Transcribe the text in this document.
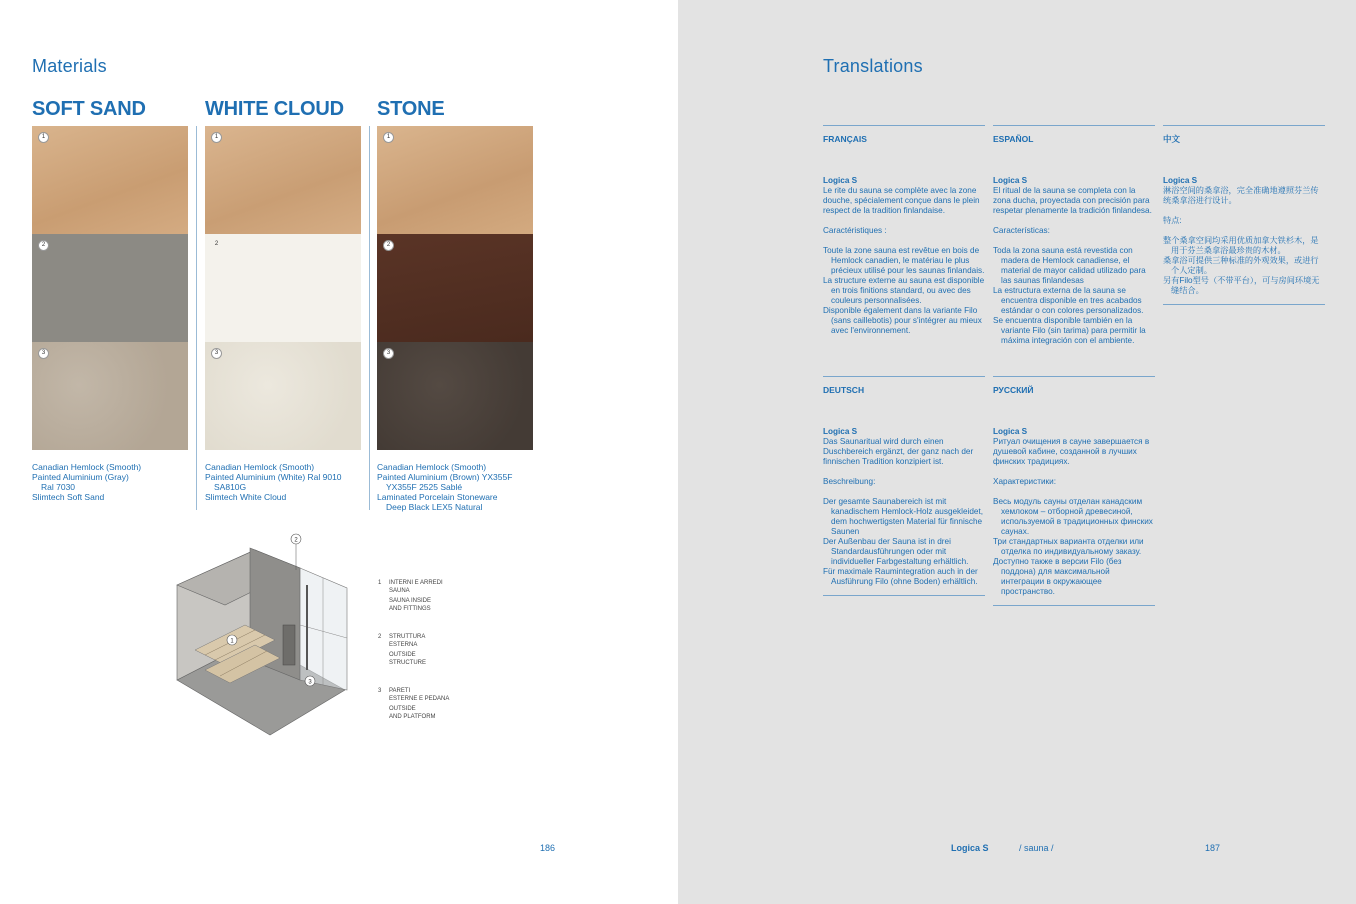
Materials
SOFT SAND
1
2
3
Canadian Hemlock (Smooth)
Painted Aluminium (Gray)
Ral 7030
Slimtech Soft Sand
WHITE CLOUD
1
2
3
Canadian Hemlock (Smooth)
Painted Aluminium (White) Ral 9010
SA810G
Slimtech White Cloud
STONE
1
2
3
Canadian Hemlock (Smooth)
Painted Aluminium (Brown) YX355F
YX355F 2525 Sablé
Laminated Porcelain Stoneware
Deep Black LEX5 Natural
1
2
3
1	INTERNI E ARREDI
SAUNA
SAUNA INSIDE
AND FITTINGS
2	STRUTTURA
ESTERNA
OUTSIDE
STRUCTURE
3	PARETI
ESTERNE E PEDANA
OUTSIDE
AND PLATFORM
186
Translations
FRANÇAIS
Logica S

Le rite du sauna se complète avec la zone douche, spécialement conçue dans le plein respect de la tradition finlandaise.

Caractéristiques :

Toute la zone sauna est revêtue en bois de Hemlock canadien, le matériau le plus précieux utilisé pour les saunas finlandais.
La structure externe au sauna est disponible en trois finitions standard, ou avec des couleurs personnalisées.
Disponible également dans la variante Filo (sans caillebotis) pour s'intégrer au mieux avec l'environnement.
ESPAÑOL
Logica S

El ritual de la sauna se completa con la zona ducha, proyectada con precisión para respetar plenamente la tradición finlandesa.

Características:

Toda la zona sauna está revestida con madera de Hemlock canadiense, el material de mayor calidad utilizado para las saunas finlandesas
La estructura externa de la sauna se encuentra disponible en tres acabados estándar o con colores personalizados.
Se encuentra disponible también en la variante Filo (sin tarima) para permitir la máxima integración con el ambiente.
中文
Logica S

淋浴空间的桑拿浴，完全准确地遵照芬兰传统桑拿浴进行设计。

特点:

整个桑拿空间均采用优质加拿大铁杉木，是用于芬兰桑拿浴最珍贵的木材。
桑拿浴可提供三种标准的外观效果，或进行个人定制。
另有Filo型号（不带平台），可与房间环境无缝结合。
DEUTSCH
Logica S

Das Saunaritual wird durch einen Duschbereich ergänzt, der ganz nach der finnischen Tradition konzipiert ist.

Beschreibung:

Der gesamte Saunabereich ist mit kanadischem Hemlock-Holz ausgekleidet, dem hochwertigsten Material für finnische Saunen
Der Außenbau der Sauna ist in drei Standardausführungen oder mit individueller Farbgestaltung erhältlich.
Für maximale Raumintegration auch in der Ausführung Filo (ohne Boden) erhältlich.
РУССКИЙ
Logica S

Ритуал очищения в сауне завершается в душевой кабине, созданной в лучших финских традициях.

Характеристики:

Весь модуль сауны отделан канадским хемлоком – отборной древесиной, используемой в традиционных финских саунах.
Три стандартных варианта отделки или отделка по индивидуальному заказу.
Доступно также в версии Filo (без поддона) для максимальной интеграции в окружающее пространство.
Logica S	/ sauna /	187
